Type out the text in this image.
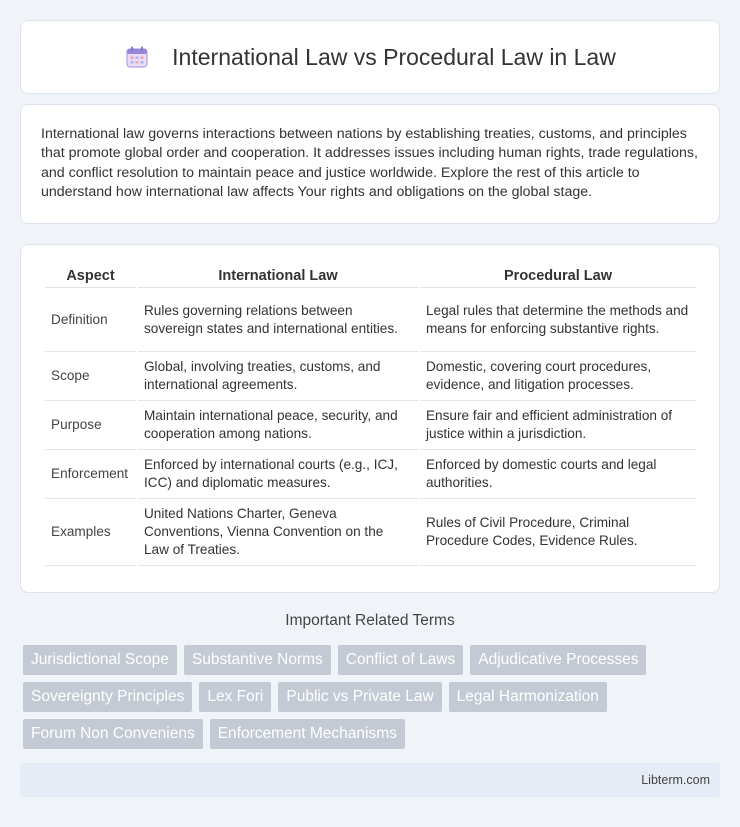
International Law vs Procedural Law in Law

International law governs interactions between nations by establishing treaties, customs, and principles that promote global order and cooperation. It addresses issues including human rights, trade regulations, and conflict resolution to maintain peace and justice worldwide. Explore the rest of this article to understand how international law affects Your rights and obligations on the global stage.

Aspect	International Law	Procedural Law
Definition	Rules governing relations between sovereign states and international entities.	Legal rules that determine the methods and means for enforcing substantive rights.
Scope	Global, involving treaties, customs, and international agreements.	Domestic, covering court procedures, evidence, and litigation processes.
Purpose	Maintain international peace, security, and cooperation among nations.	Ensure fair and efficient administration of justice within a jurisdiction.
Enforcement	Enforced by international courts (e.g., ICJ, ICC) and diplomatic measures.	Enforced by domestic courts and legal authorities.
Examples	United Nations Charter, Geneva Conventions, Vienna Convention on the Law of Treaties.	Rules of Civil Procedure, Criminal Procedure Codes, Evidence Rules.
Important Related Terms
Jurisdictional Scope	Substantive Norms	Conflict of Laws	Adjudicative Processes
Sovereignty Principles	Lex Fori	Public vs Private Law	Legal Harmonization
Forum Non Conveniens	Enforcement Mechanisms
Libterm.com
